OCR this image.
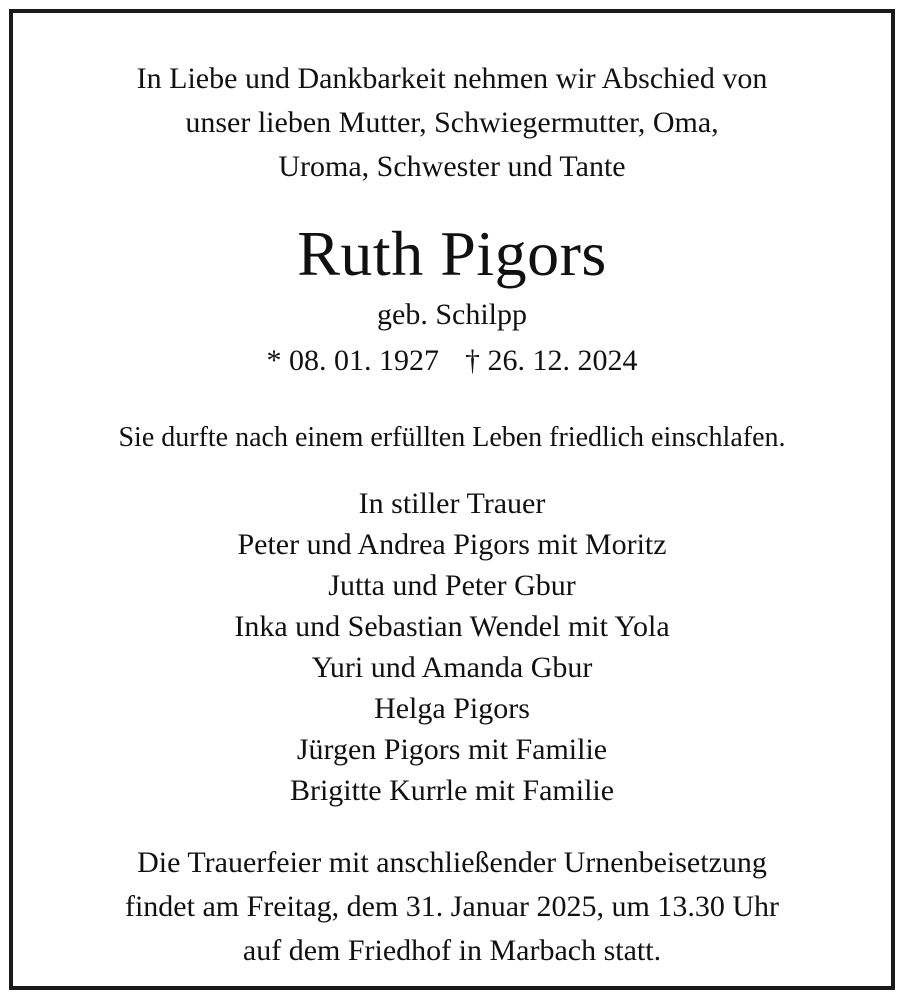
In Liebe und Dankbarkeit nehmen wir Abschied von
unser lieben Mutter, Schwiegermutter, Oma,
Uroma, Schwester und Tante
Ruth Pigors
geb. Schilpp
* 08. 01. 1927 † 26. 12. 2024
Sie durfte nach einem erfüllten Leben friedlich einschlafen.
In stiller Trauer
Peter und Andrea Pigors mit Moritz
Jutta und Peter Gbur
Inka und Sebastian Wendel mit Yola
Yuri und Amanda Gbur
Helga Pigors
Jürgen Pigors mit Familie
Brigitte Kurrle mit Familie
Die Trauerfeier mit anschließender Urnenbeisetzung
findet am Freitag, dem 31. Januar 2025, um 13.30 Uhr
auf dem Friedhof in Marbach statt.
